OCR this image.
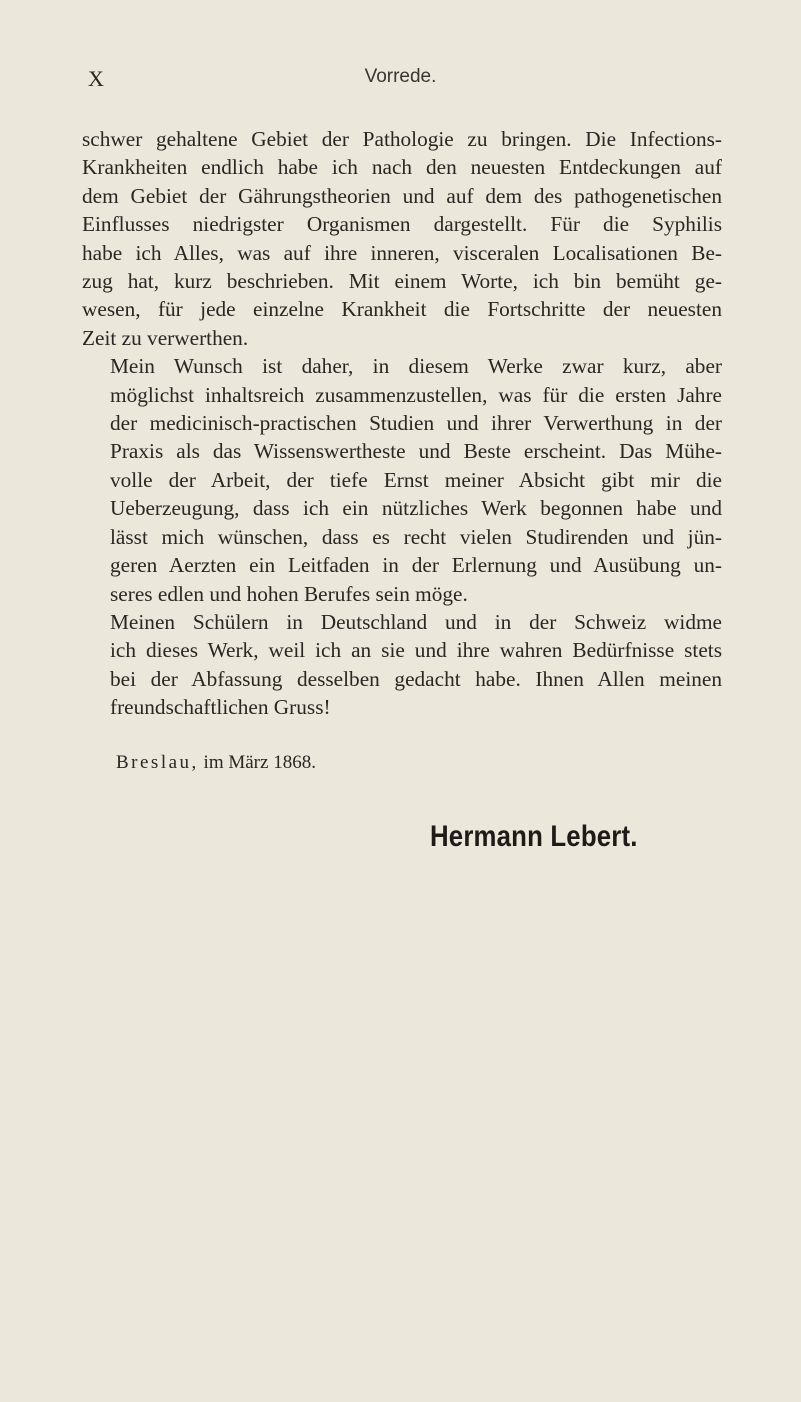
X	Vorrede.
schwer gehaltene Gebiet der Pathologie zu bringen. Die Infections-
Krankheiten endlich habe ich nach den neuesten Entdeckungen auf
dem Gebiet der Gährungstheorien und auf dem des pathogenetischen
Einflusses niedrigster Organismen dargestellt. Für die Syphilis
habe ich Alles, was auf ihre inneren, visceralen Localisationen Be-
zug hat, kurz beschrieben. Mit einem Worte, ich bin bemüht ge-
wesen, für jede einzelne Krankheit die Fortschritte der neuesten
Zeit zu verwerthen.
Mein Wunsch ist daher, in diesem Werke zwar kurz, aber
möglichst inhaltsreich zusammenzustellen, was für die ersten Jahre
der medicinisch-practischen Studien und ihrer Verwerthung in der
Praxis als das Wissenswertheste und Beste erscheint. Das Mühe-
volle der Arbeit, der tiefe Ernst meiner Absicht gibt mir die
Ueberzeugung, dass ich ein nützliches Werk begonnen habe und
lässt mich wünschen, dass es recht vielen Studirenden und jün-
geren Aerzten ein Leitfaden in der Erlernung und Ausübung un-
seres edlen und hohen Berufes sein möge.
Meinen Schülern in Deutschland und in der Schweiz widme
ich dieses Werk, weil ich an sie und ihre wahren Bedürfnisse stets
bei der Abfassung desselben gedacht habe. Ihnen Allen meinen
freundschaftlichen Gruss!
Breslau, im März 1868.
Hermann Lebert.
